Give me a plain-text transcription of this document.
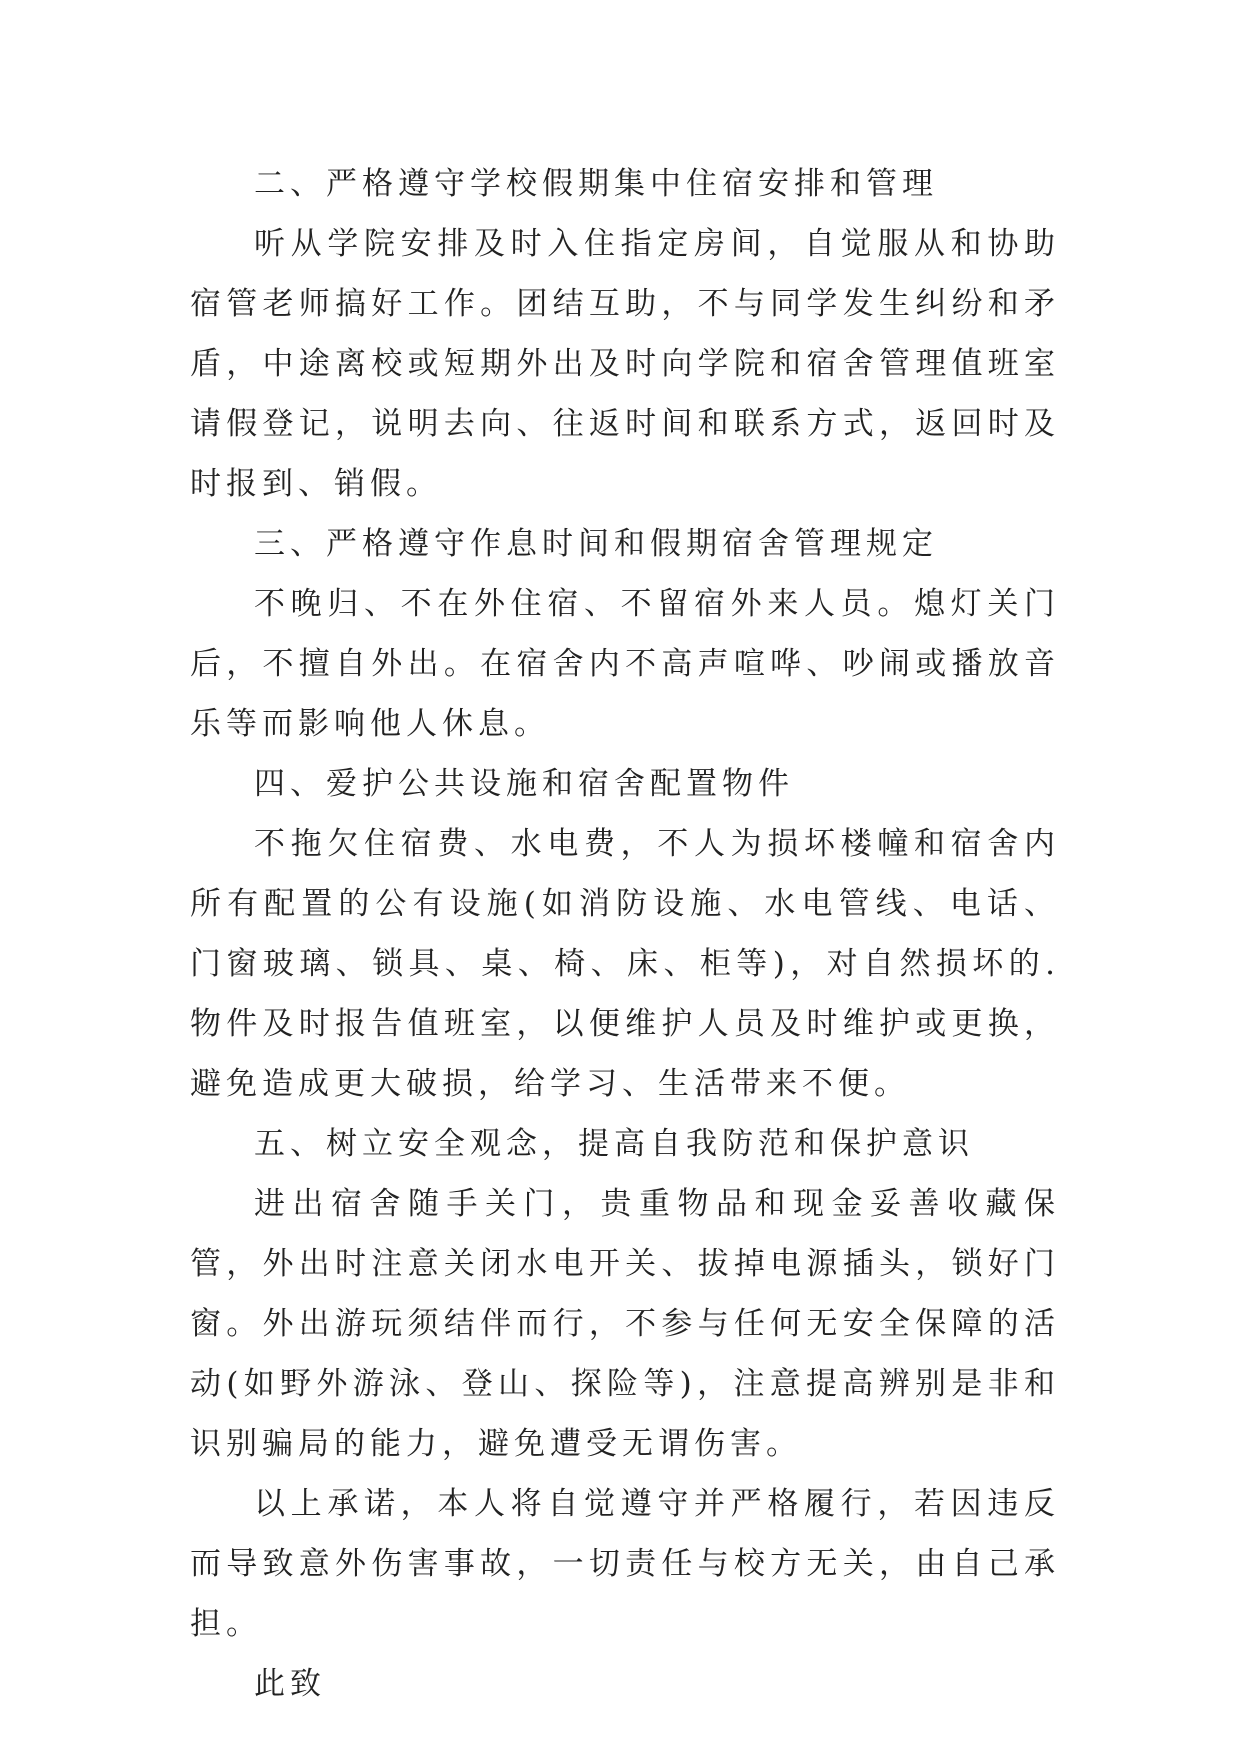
二、严格遵守学校假期集中住宿安排和管理

听从学院安排及时入住指定房间，自觉服从和协助宿管老师搞好工作。团结互助，不与同学发生纠纷和矛盾，中途离校或短期外出及时向学院和宿舍管理值班室请假登记，说明去向、往返时间和联系方式，返回时及时报到、销假。

三、严格遵守作息时间和假期宿舍管理规定

不晚归、不在外住宿、不留宿外来人员。熄灯关门后，不擅自外出。在宿舍内不高声喧哗、吵闹或播放音乐等而影响他人休息。

四、爱护公共设施和宿舍配置物件

不拖欠住宿费、水电费，不人为损坏楼幢和宿舍内所有配置的公有设施(如消防设施、水电管线、电话、门窗玻璃、锁具、桌、椅、床、柜等)，对自然损坏的.物件及时报告值班室，以便维护人员及时维护或更换，避免造成更大破损，给学习、生活带来不便。

五、树立安全观念，提高自我防范和保护意识

进出宿舍随手关门，贵重物品和现金妥善收藏保管，外出时注意关闭水电开关、拔掉电源插头，锁好门窗。外出游玩须结伴而行，不参与任何无安全保障的活动(如野外游泳、登山、探险等)，注意提高辨别是非和识别骗局的能力，避免遭受无谓伤害。

以上承诺，本人将自觉遵守并严格履行，若因违反而导致意外伤害事故，一切责任与校方无关，由自己承担。

此致
